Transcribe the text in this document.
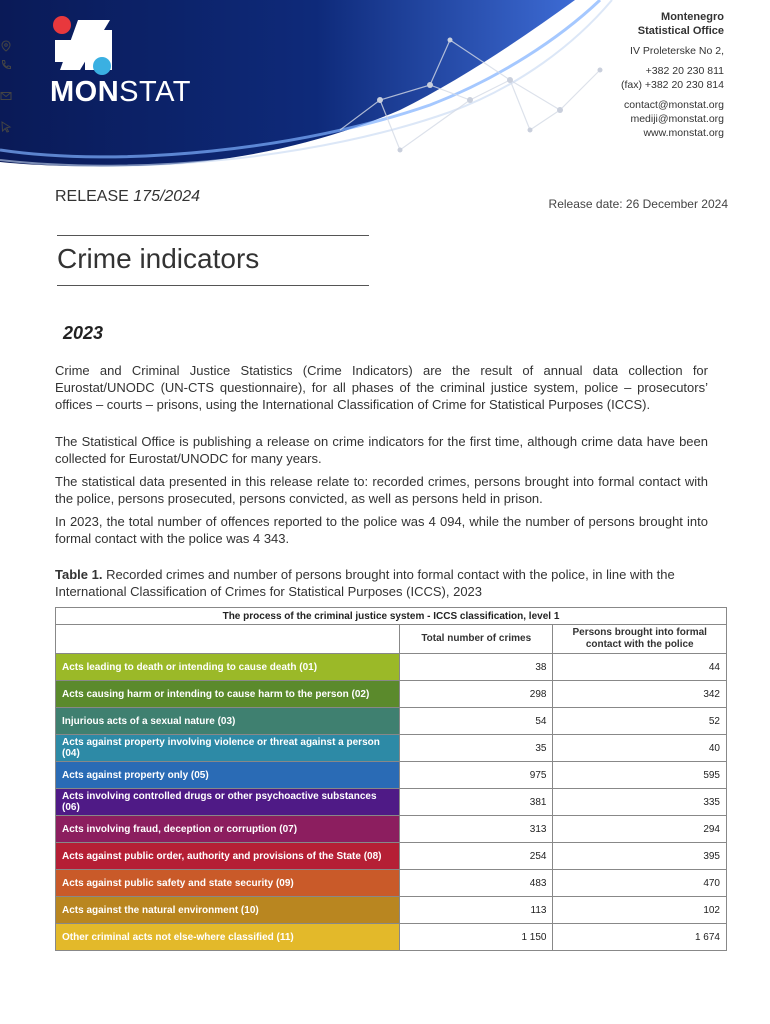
MONSTAT
Montenegro
Statistical Office
IV Proleterske No 2,
+382 20 230 811
(fax) +382 20 230 814
contact@monstat.org
mediji@monstat.org
www.monstat.org
RELEASE 175/2024	Release date: 26 December 2024
Crime indicators
2023

Crime and Criminal Justice Statistics (Crime Indicators) are the result of annual data collection for Eurostat/UNODC (UN-CTS questionnaire), for all phases of the criminal justice system, police – prosecutors’ offices – courts – prisons, using the International Classification of Crime for Statistical Purposes (ICCS).

The Statistical Office is publishing a release on crime indicators for the first time, although crime data have been collected for Eurostat/UNODC for many years.

The statistical data presented in this release relate to: recorded crimes, persons brought into formal contact with the police, persons prosecuted, persons convicted, as well as persons held in prison.

In 2023, the total number of offences reported to the police was 4 094, while the number of persons brought into formal contact with the police was 4 343.

Table 1. Recorded crimes and number of persons brought into formal contact with the police, in line with the International Classification of Crimes for Statistical Purposes (ICCS), 2023
The process of the criminal justice system - ICCS classification, level 1		
	Total number of crimes	Persons brought into formal contact with the police
Acts leading to death or intending to cause death (01)	38	44
Acts causing harm or intending to cause harm to the person (02)	298	342
Injurious acts of a sexual nature (03)	54	52
Acts against property involving violence or threat against a person (04)	35	40
Acts against property only (05)	975	595
Acts involving controlled drugs or other psychoactive substances (06)	381	335
Acts involving fraud, deception or corruption (07)	313	294
Acts against public order, authority and provisions of the State (08)	254	395
Acts against public safety and state security (09)	483	470
Acts against the natural environment (10)	113	102
Other criminal acts not else-where classified (11)	1 150	1 674
